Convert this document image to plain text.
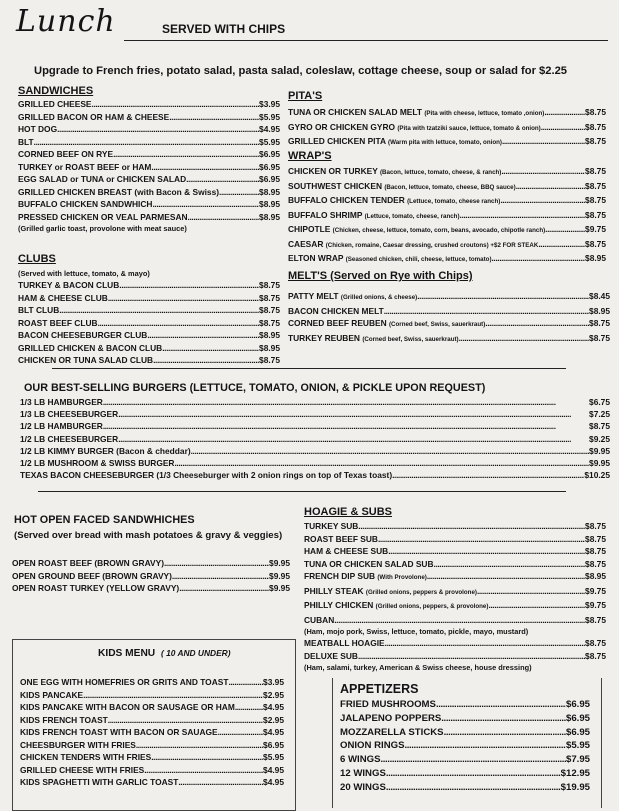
Lunch	SERVED WITH CHIPS
Upgrade to French fries, potato salad, pasta salad, coleslaw, cottage cheese, soup or salad for $2.25
SANDWICHES
GRILLED CHEESE .....	$3.95
GRILLED BACON OR HAM & CHEESE .....	$5.95
HOT DOG .....	$4.95
BLT .....	$5.95
CORNED BEEF ON RYE .....	$6.95
TURKEY or ROAST BEEF or HAM .....	$6.95
EGG SALAD or TUNA or CHICKEN SALAD .....	$6.95
GRILLED CHICKEN BREAST (with Bacon & Swiss) .....	$8.95
BUFFALO CHICKEN SANDWHICH .....	$8.95
PRESSED CHICKEN OR VEAL PARMESAN .....	$8.95
(Grilled garlic toast, provolone with meat sauce)
CLUBS
(Served with lettuce, tomato, & mayo)
TURKEY & BACON CLUB .....	$8.75
HAM & CHEESE CLUB .....	$8.75
BLT CLUB .....	$8.75
ROAST BEEF CLUB .....	$8.75
BACON CHEESEBURGER CLUB .....	$8.95
GRILLED CHICKEN & BACON CLUB .....	$8.95
CHICKEN OR TUNA SALAD CLUB .....	$8.75
PITA'S
TUNA OR CHICKEN SALAD MELT (Pita with cheese, lettuce, tomato ,onion) .....	$8.75
GYRO OR CHICKEN GYRO (Pita with tzatziki sauce, lettuce, tomato & onion) .....	$8.75
GRILLED CHICKEN PITA (Warm pita with lettuce, tomato, onion) .....	$8.75
WRAP'S
CHICKEN OR TURKEY (Bacon, lettuce, tomato, cheese, & ranch) .....	$8.75
SOUTHWEST CHICKEN (Bacon, lettuce, tomato, cheese, BBQ sauce) .....	$8.75
BUFFALO CHICKEN TENDER (Lettuce, tomato, cheese ranch) .....	$8.75
BUFFALO SHRIMP (Lettuce, tomato, cheese, ranch) .....	$8.75
CHIPOTLE (Chicken, cheese, lettuce, tomato, corn, beans, avocado, chipotle ranch) .....	$9.75
CAESAR (Chicken, romaine, Caesar dressing, crushed croutons) +$2 FOR STEAK .....	$8.75
ELTON WRAP (Seasoned chicken, chili, cheese, lettuce, tomato) .....	$8.95
MELT'S (Served on Rye with Chips)
PATTY MELT (Grilled onions, & cheese) .....	$8.45
BACON CHICKEN MELT .....	$8.95
CORNED BEEF REUBEN (Corned beef, Swiss, sauerkraut) .....	$8.75
TURKEY REUBEN (Corned beef, Swiss, sauerkraut) .....	$8.75
OUR BEST-SELLING BURGERS (LETTUCE, TOMATO, ONION, & PICKLE UPON REQUEST)
1/3 LB HAMBURGER .....	$6.75
1/3 LB CHEESEBURGER .....	$7.25
1/2 LB HAMBURGER .....	$8.75
1/2 LB CHEESEBURGER .....	$9.25
1/2 LB KIMMY BURGER (Bacon & cheddar) .....	$9.95
1/2 LB MUSHROOM & SWISS BURGER .....	$9.95
TEXAS BACON CHEESEBURGER (1/3 Cheeseburger with 2 onion rings on top of Texas toast) .....	$10.25
HOT OPEN FACED SANDWHICHES
(Served over bread with mash potatoes & gravy & veggies)
OPEN ROAST BEEF (BROWN GRAVY) .....	$9.95
OPEN GROUND BEEF (BROWN GRAVY) .....	$9.95
OPEN ROAST TURKEY (YELLOW GRAVY) .....	$9.95
HOAGIE & SUBS
TURKEY SUB .....	$8.75
ROAST BEEF SUB .....	$8.75
HAM & CHEESE SUB .....	$8.75
TUNA OR CHICKEN SALAD SUB .....	$8.75
FRENCH DIP SUB (With Provolone) .....	$8.95
PHILLY STEAK (Grilled onions, peppers & provolone) .....	$9.75
PHILLY CHICKEN (Grilled onions, peppers, & provolone) .....	$9.75
CUBAN .....	$8.75
(Ham, mojo pork, Swiss, lettuce, tomato, pickle, mayo, mustard)
MEATBALL HOAGIE .....	$8.75
DELUXE SUB .....	$8.75
(Ham, salami, turkey, American & Swiss cheese, house dressing)
KIDS MENU ( 10 AND UNDER)
ONE EGG WITH HOMEFRIES OR GRITS AND TOAST .....	$3.95
KIDS PANCAKE .....	$2.95
KIDS PANCAKE WITH BACON OR SAUSAGE OR HAM .....	$4.95
KIDS FRENCH TOAST .....	$2.95
KIDS FRENCH TOAST WITH BACON OR SAUAGE .....	$4.95
CHEESBURGER WITH FRIES .....	$6.95
CHICKEN TENDERS WITH FRIES .....	$5.95
GRILLED CHEESE WITH FRIES .....	$4.95
KIDS SPAGHETTI WITH GARLIC TOAST .....	$4.95
APPETIZERS
FRIED MUSHROOMS .....	$6.95
JALAPENO POPPERS .....	$6.95
MOZZARELLA STICKS .....	$6.95
ONION RINGS .....	$5.95
6 WINGS .....	$7.95
12 WINGS .....	$12.95
20 WINGS .....	$19.95
